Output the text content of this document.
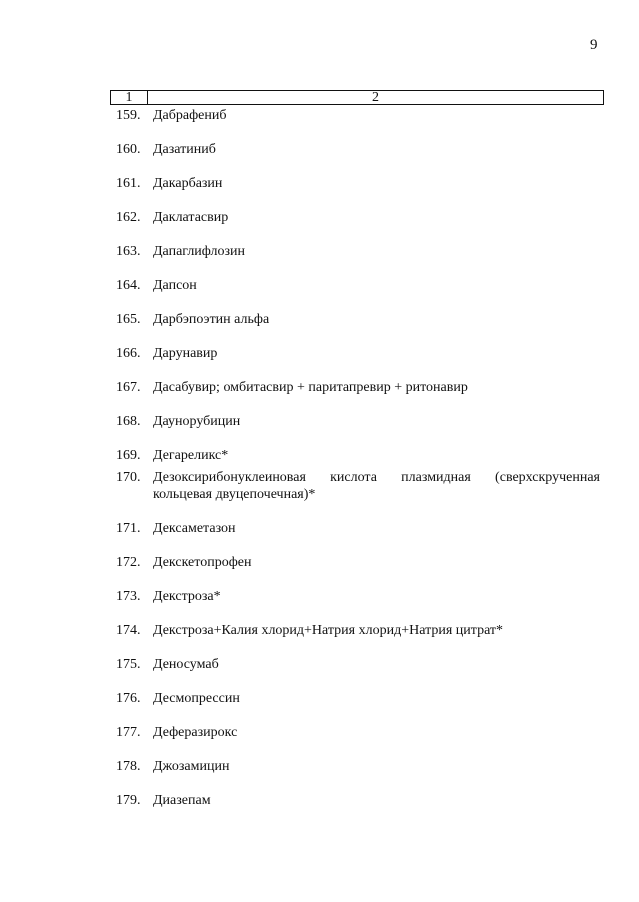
9
1	2
159. Дабрафениб
160. Дазатиниб
161. Дакарбазин
162. Даклатасвир
163. Дапаглифлозин
164. Дапсон
165. Дарбэпоэтин альфа
166. Дарунавир
167. Дасабувир; омбитасвир + паритапревир + ритонавир
168. Даунорубицин
169. Дегареликс*
170. Дезоксирибонуклеиновая кислота плазмидная (сверхскрученная кольцевая двуцепочечная)*
171. Дексаметазон
172. Декскетопрофен
173. Декстроза*
174. Декстроза+Калия хлорид+Натрия хлорид+Натрия цитрат*
175. Деносумаб
176. Десмопрессин
177. Деферазирокс
178. Джозамицин
179. Диазепам
